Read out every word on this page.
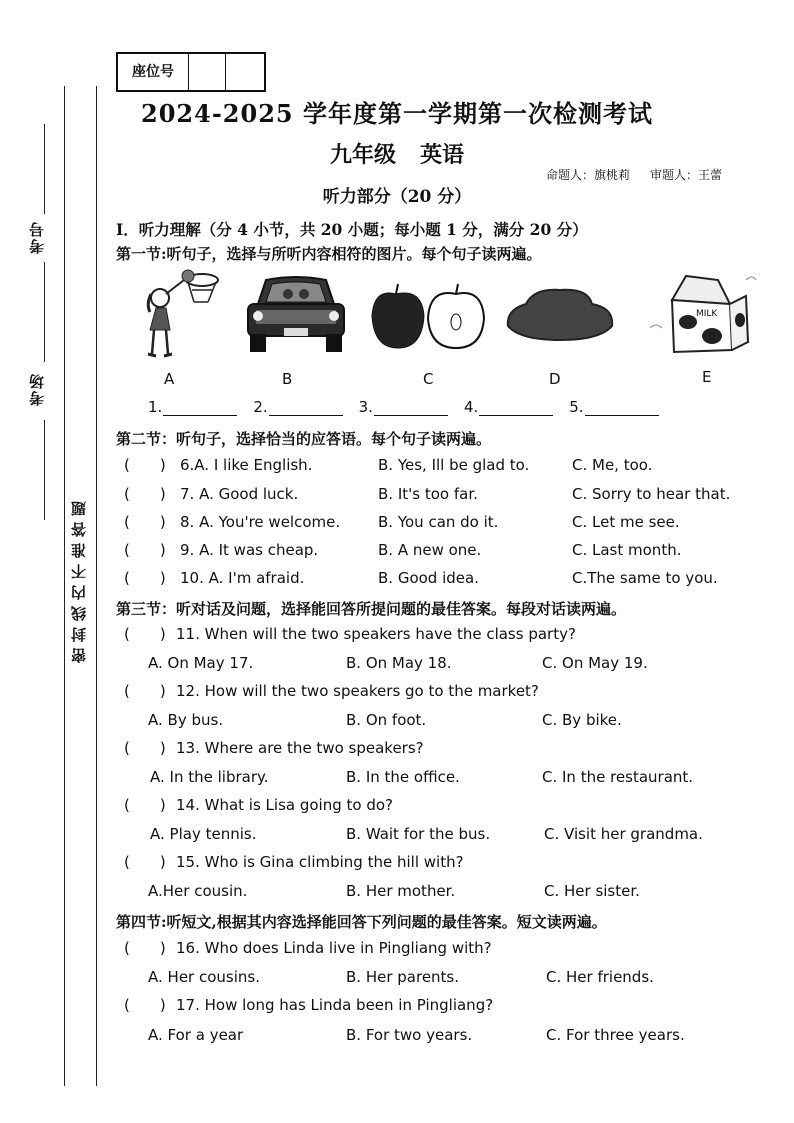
座位号
考号
考场
密封线内不准答题
2024-2025 学年度第一学期第一次检测考试
九年级 英语
命题人：旗桃莉 审题人：王蕾
听力部分（20 分）
I．听力理解（分 4 小节，共 20 小题；每小题 1 分，满分 20 分）
第一节:听句子，选择与所听内容相符的图片。每个句子读两遍。
A	B	C	D
MILK
E
1.	2.	3.	4.	5.
第二节：听句子，选择恰当的应答语。每个句子读两遍。
( ) 6.A. I like English.	B. Yes, Ill be glad to.	C. Me, too.
( ) 7. A. Good luck.	B. It's too far.	C. Sorry to hear that.
( ) 8. A. You're welcome.	B. You can do it.	C. Let me see.
( ) 9. A. It was cheap.	B. A new one.	C. Last month.
( ) 10. A. I'm afraid.	B. Good idea.	C.The same to you.
第三节：听对话及问题，选择能回答所提问题的最佳答案。每段对话读两遍。
( ) 11. When will the two speakers have the class party?
A. On May 17.	B. On May 18.	C. On May 19.
( ) 12. How will the two speakers go to the market?
A. By bus.	B. On foot.	C. By bike.
( ) 13. Where are the two speakers?
A. In the library.	B. In the office.	C. In the restaurant.
( ) 14. What is Lisa going to do?
A. Play tennis.	B. Wait for the bus.	C. Visit her grandma.
( ) 15. Who is Gina climbing the hill with?
A.Her cousin.	B. Her mother.	C. Her sister.
第四节:听短文,根据其内容选择能回答下列问题的最佳答案。短文读两遍。
( ) 16. Who does Linda live in Pingliang with?
A. Her cousins.	B. Her parents.	C. Her friends.
( ) 17. How long has Linda been in Pingliang?
A. For a year	B. For two years.	C. For three years.
